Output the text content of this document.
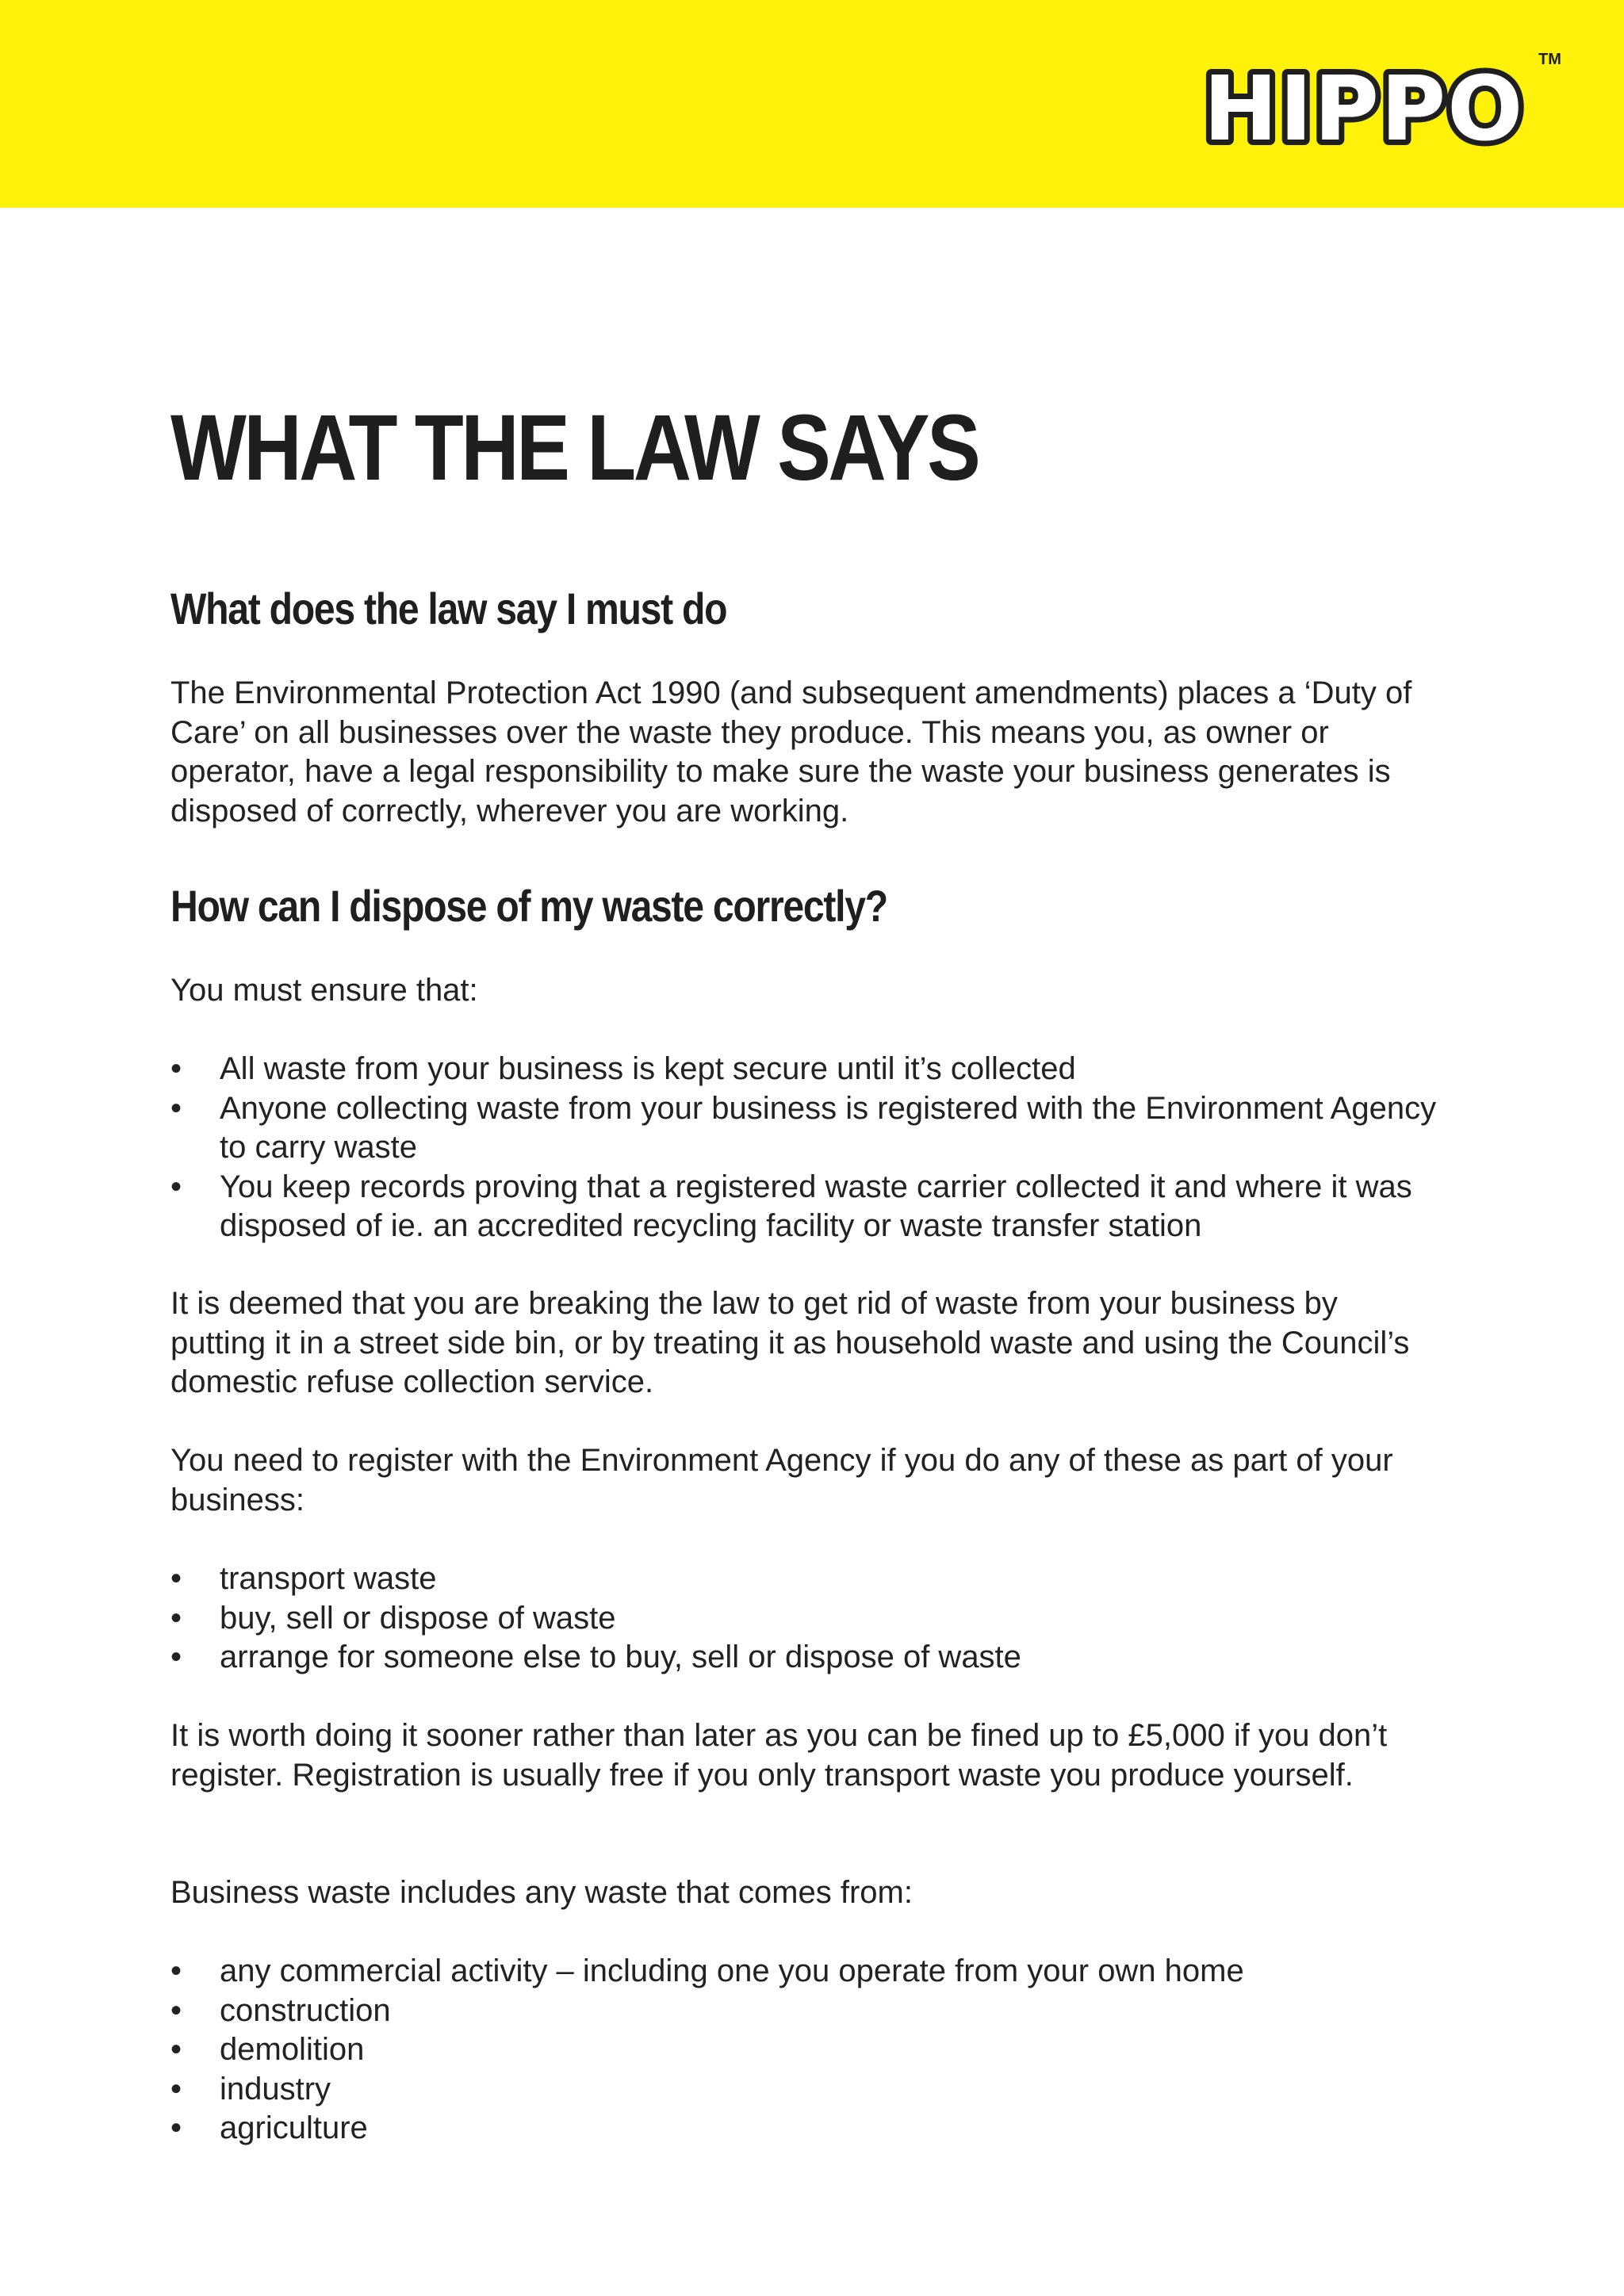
HIPPO TM
WHAT THE LAW SAYS
What does the law say I must do

The Environmental Protection Act 1990 (and subsequent amendments) places a ‘Duty of Care’ on all businesses over the waste they produce. This means you, as owner or operator, have a legal responsibility to make sure the waste your business generates is disposed of correctly, wherever you are working.

How can I dispose of my waste correctly?

You must ensure that:

• All waste from your business is kept secure until it’s collected
• Anyone collecting waste from your business is registered with the Environment Agency to carry waste
• You keep records proving that a registered waste carrier collected it and where it was disposed of ie. an accredited recycling facility or waste transfer station

It is deemed that you are breaking the law to get rid of waste from your business by putting it in a street side bin, or by treating it as household waste and using the Council’s domestic refuse collection service.

You need to register with the Environment Agency if you do any of these as part of your business:

• transport waste
• buy, sell or dispose of waste
• arrange for someone else to buy, sell or dispose of waste

It is worth doing it sooner rather than later as you can be fined up to £5,000 if you don’t register. Registration is usually free if you only transport waste you produce yourself.

Business waste includes any waste that comes from:

• any commercial activity – including one you operate from your own home
• construction
• demolition
• industry
• agriculture
